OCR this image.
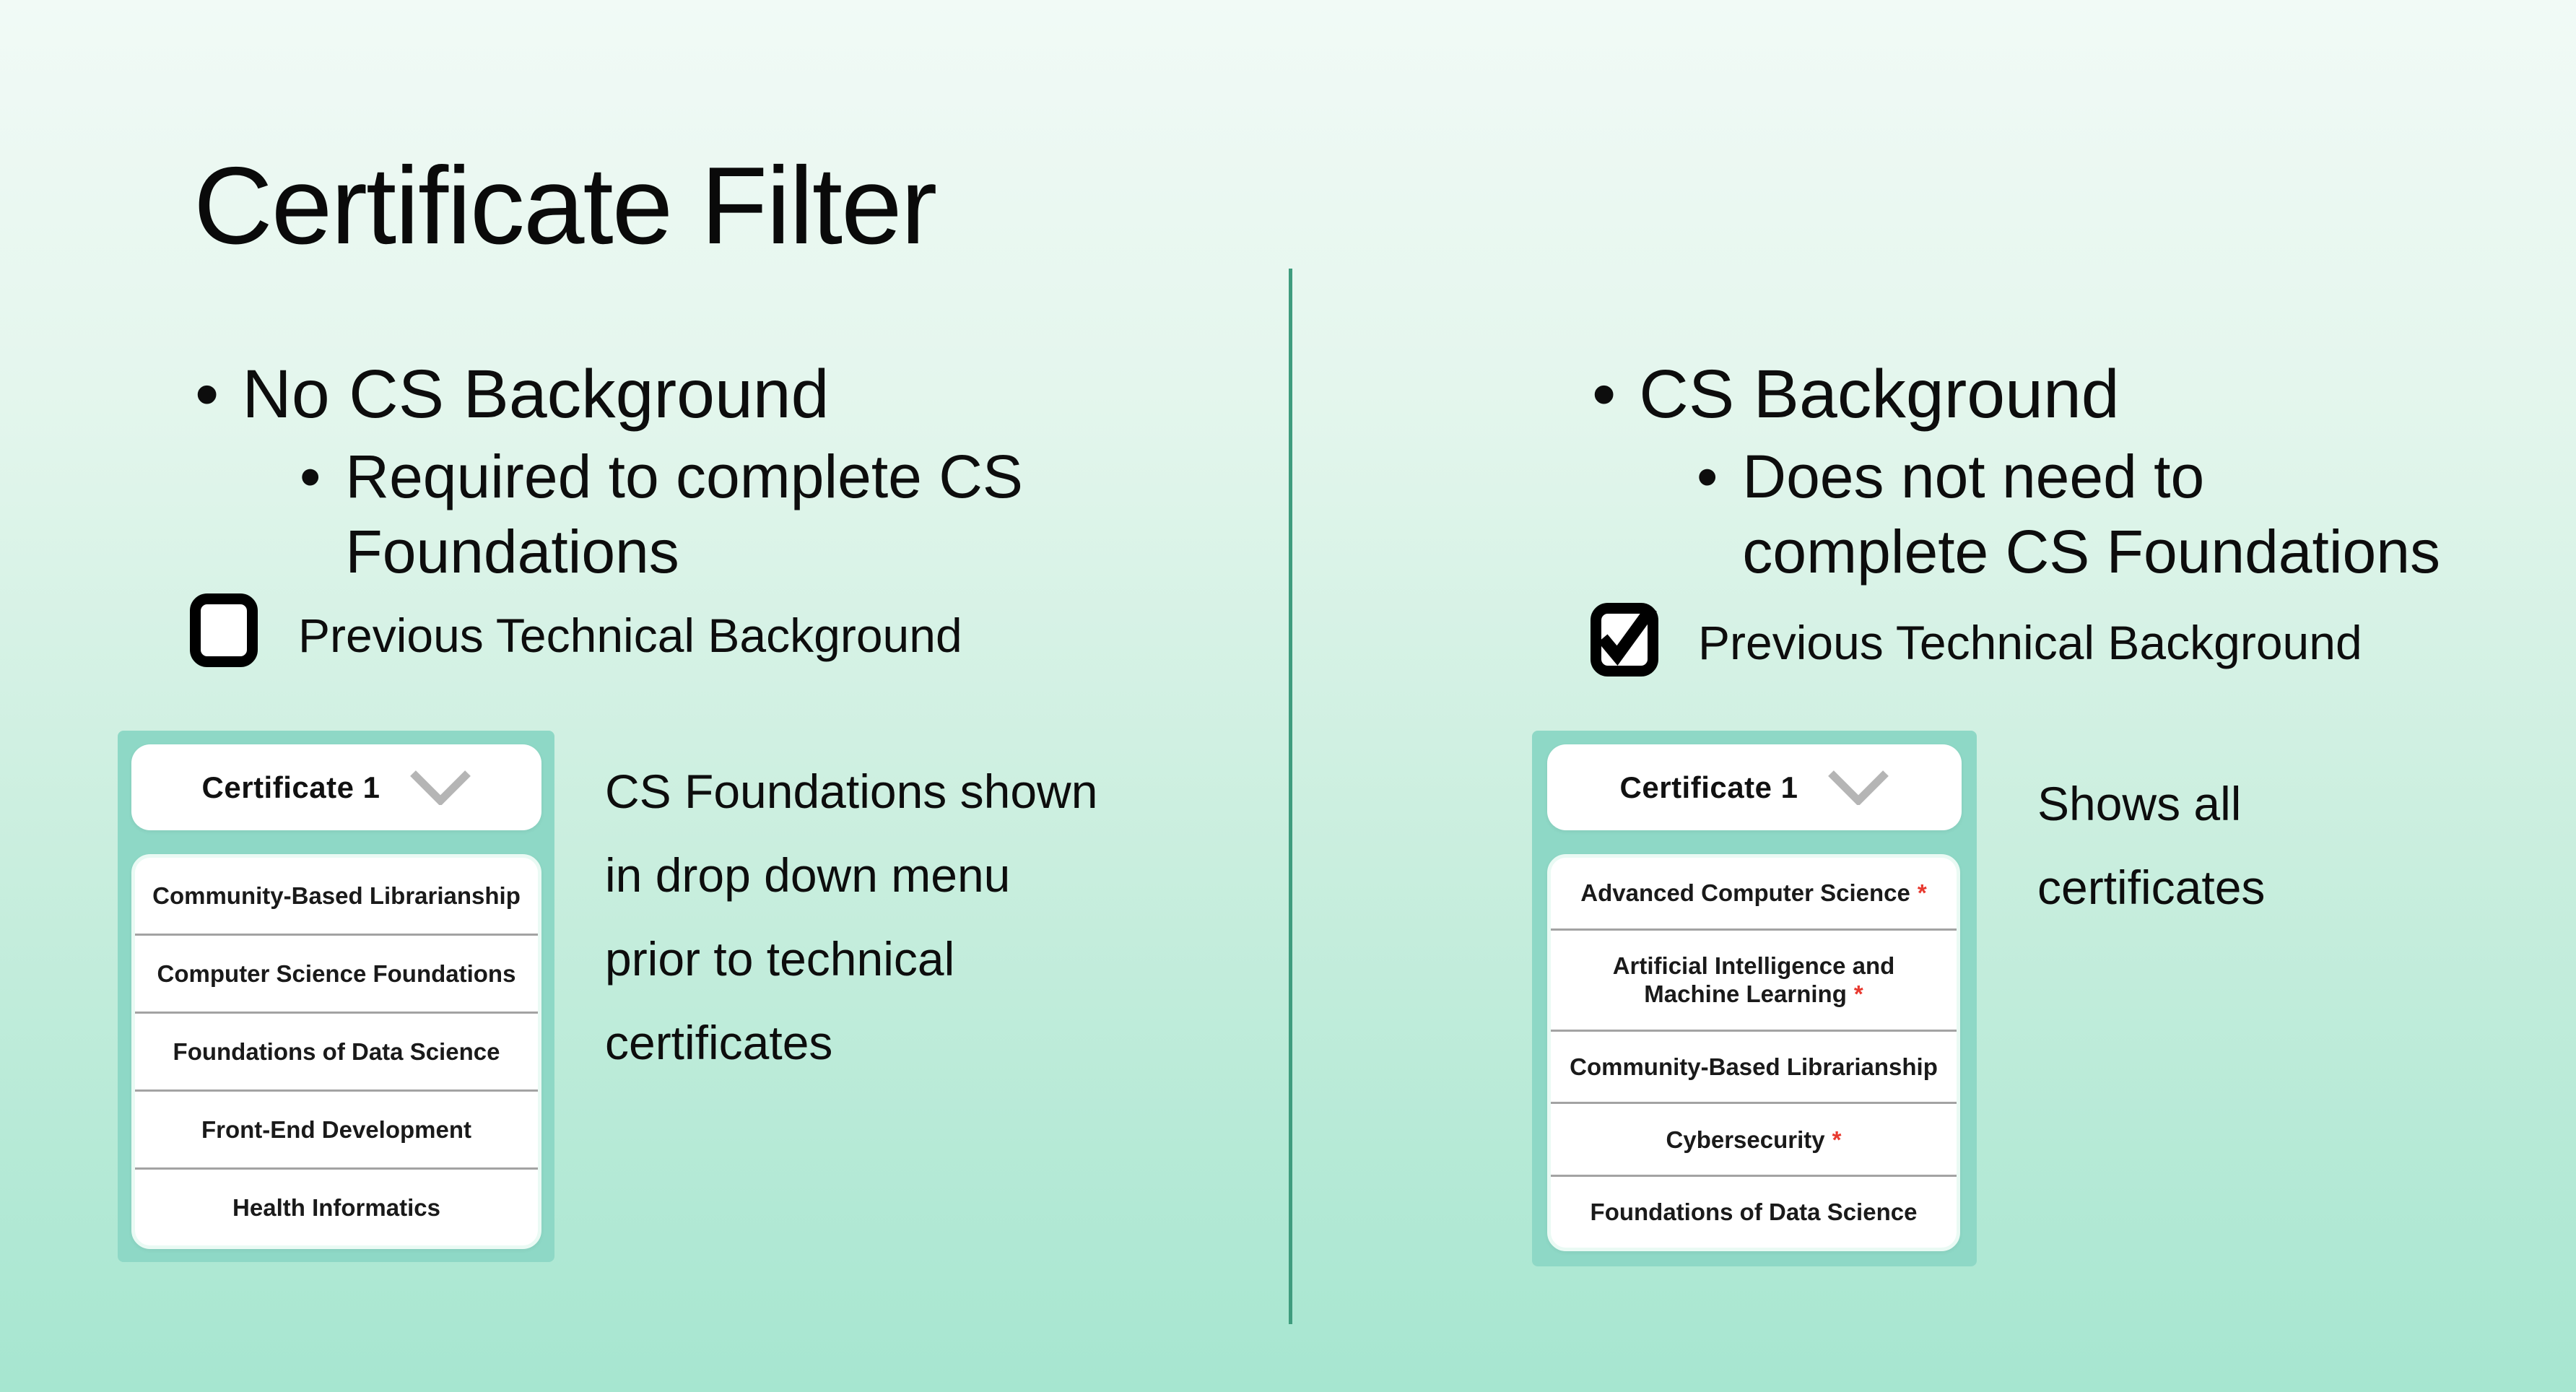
Certificate Filter
• No CS Background
• Required to complete CS
Foundations
Previous Technical Background
Certificate 1
Community-Based Librarianship
Computer Science Foundations
Foundations of Data Science
Front-End Development
Health Informatics
CS Foundations shown
in drop down menu
prior to technical
certificates
• CS Background
• Does not need to
complete CS Foundations
Previous Technical Background
Certificate 1
Advanced Computer Science *
Artificial Intelligence and
Machine Learning *
Community-Based Librarianship
Cybersecurity *
Foundations of Data Science
Shows all
certificates
